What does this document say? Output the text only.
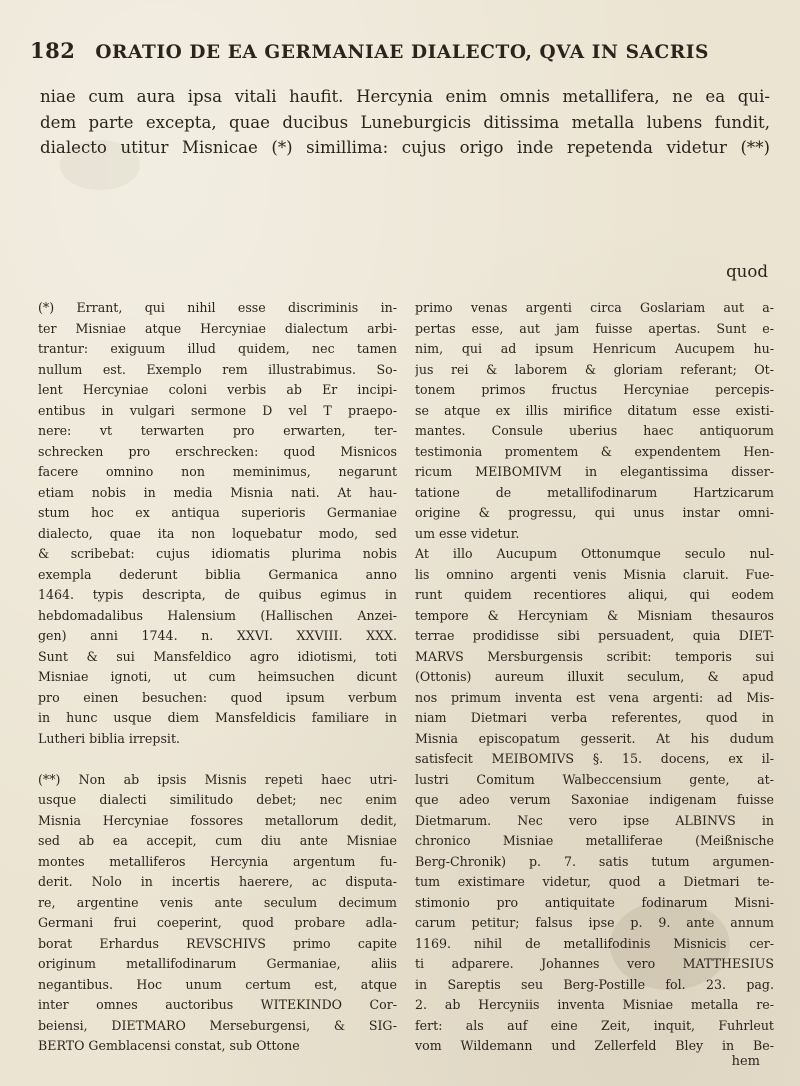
182 ORATIO DE EA GERMANIAE DIALECTO, QVA IN SACRIS
niae cum aura ipsa vitali haufit. Hercynia enim omnis metallifera, ne ea qui-
dem parte excepta, quae ducibus Luneburgicis ditissima metalla lubens fundit,
dialecto utitur Misnicae (*) simillima: cujus origo inde repetenda videtur (**)
quod
(*) Errant, qui nihil esse discriminis in-
ter Misniae atque Hercyniae dialectum arbi-
trantur: exiguum illud quidem, nec tamen
nullum est. Exemplo rem illustrabimus. So-
lent Hercyniae coloni verbis ab Er incipi-
entibus in vulgari sermone D vel T praepo-
nere: vt terwarten pro erwarten, ter-
schrecken pro erschrecken: quod Misnicos
facere omnino non meminimus, negarunt
etiam nobis in media Misnia nati. At hau-
stum hoc ex antiqua superioris Germaniae
dialecto, quae ita non loquebatur modo, sed
& scribebat: cujus idiomatis plurima nobis
exempla dederunt biblia Germanica anno
1464. typis descripta, de quibus egimus in
hebdomadalibus Halensium (Hallischen Anzei-
gen) anni 1744. n. XXVI. XXVIII. XXX.
Sunt & sui Mansfeldico agro idiotismi, toti
Misniae ignoti, ut cum heimsuchen dicunt
pro einen besuchen: quod ipsum verbum
in hunc usque diem Mansfeldicis familiare in
Lutheri biblia irrepsit.

(**) Non ab ipsis Misnis repeti haec utri-
usque dialecti similitudo debet; nec enim
Misnia Hercyniae fossores metallorum dedit,
sed ab ea accepit, cum diu ante Misniae
montes metalliferos Hercynia argentum fu-
derit. Nolo in incertis haerere, ac disputa-
re, argentine venis ante seculum decimum
Germani frui coeperint, quod probare adla-
borat Erhardus REVSCHIVS primo capite
originum metallifodinarum Germaniae, aliis
negantibus. Hoc unum certum est, atque
inter omnes auctoribus WITEKINDO Cor-
beiensi, DIETMARO Merseburgensi, & SIG-
BERTO Gemblacensi constat, sub Ottone
primo venas argenti circa Goslariam aut a-
pertas esse, aut jam fuisse apertas. Sunt e-
nim, qui ad ipsum Henricum Aucupem hu-
jus rei & laborem & gloriam referant; Ot-
tonem primos fructus Hercyniae percepis-
se atque ex illis mirifice ditatum esse existi-
mantes. Consule uberius haec antiquorum
testimonia promentem & expendentem Hen-
ricum MEIBOMIVM in elegantissima disser-
tatione de metallifodinarum Hartzicarum
origine & progressu, qui unus instar omni-
um esse videtur.
At illo Aucupum Ottonumque seculo nul-
lis omnino argenti venis Misnia claruit. Fue-
runt quidem recentiores aliqui, qui eodem
tempore & Hercyniam & Misniam thesauros
terrae prodidisse sibi persuadent, quia DIET-
MARVS Mersburgensis scribit: temporis sui
(Ottonis) aureum illuxit seculum, & apud
nos primum inventa est vena argenti: ad Mis-
niam Dietmari verba referentes, quod in
Misnia episcopatum gesserit. At his dudum
satisfecit MEIBOMIVS §. 15. docens, ex il-
lustri Comitum Walbeccensium gente, at-
que adeo verum Saxoniae indigenam fuisse
Dietmarum. Nec vero ipse ALBINVS in
chronico Misniae metalliferae (Meißnische
Berg-Chronik) p. 7. satis tutum argumen-
tum existimare videtur, quod a Dietmari te-
stimonio pro antiquitate fodinarum Misni-
carum petitur; falsus ipse p. 9. ante annum
1169. nihil de metallifodinis Misnicis cer-
ti adparere. Johannes vero MATTHESIUS
in Sareptis seu Berg-Postille fol. 23. pag.
2. ab Hercyniis inventa Misniae metalla re-
fert: als auf eine Zeit, inquit, Fuhrleut
vom Wildemann und Zellerfeld Bley in Be-
hem
